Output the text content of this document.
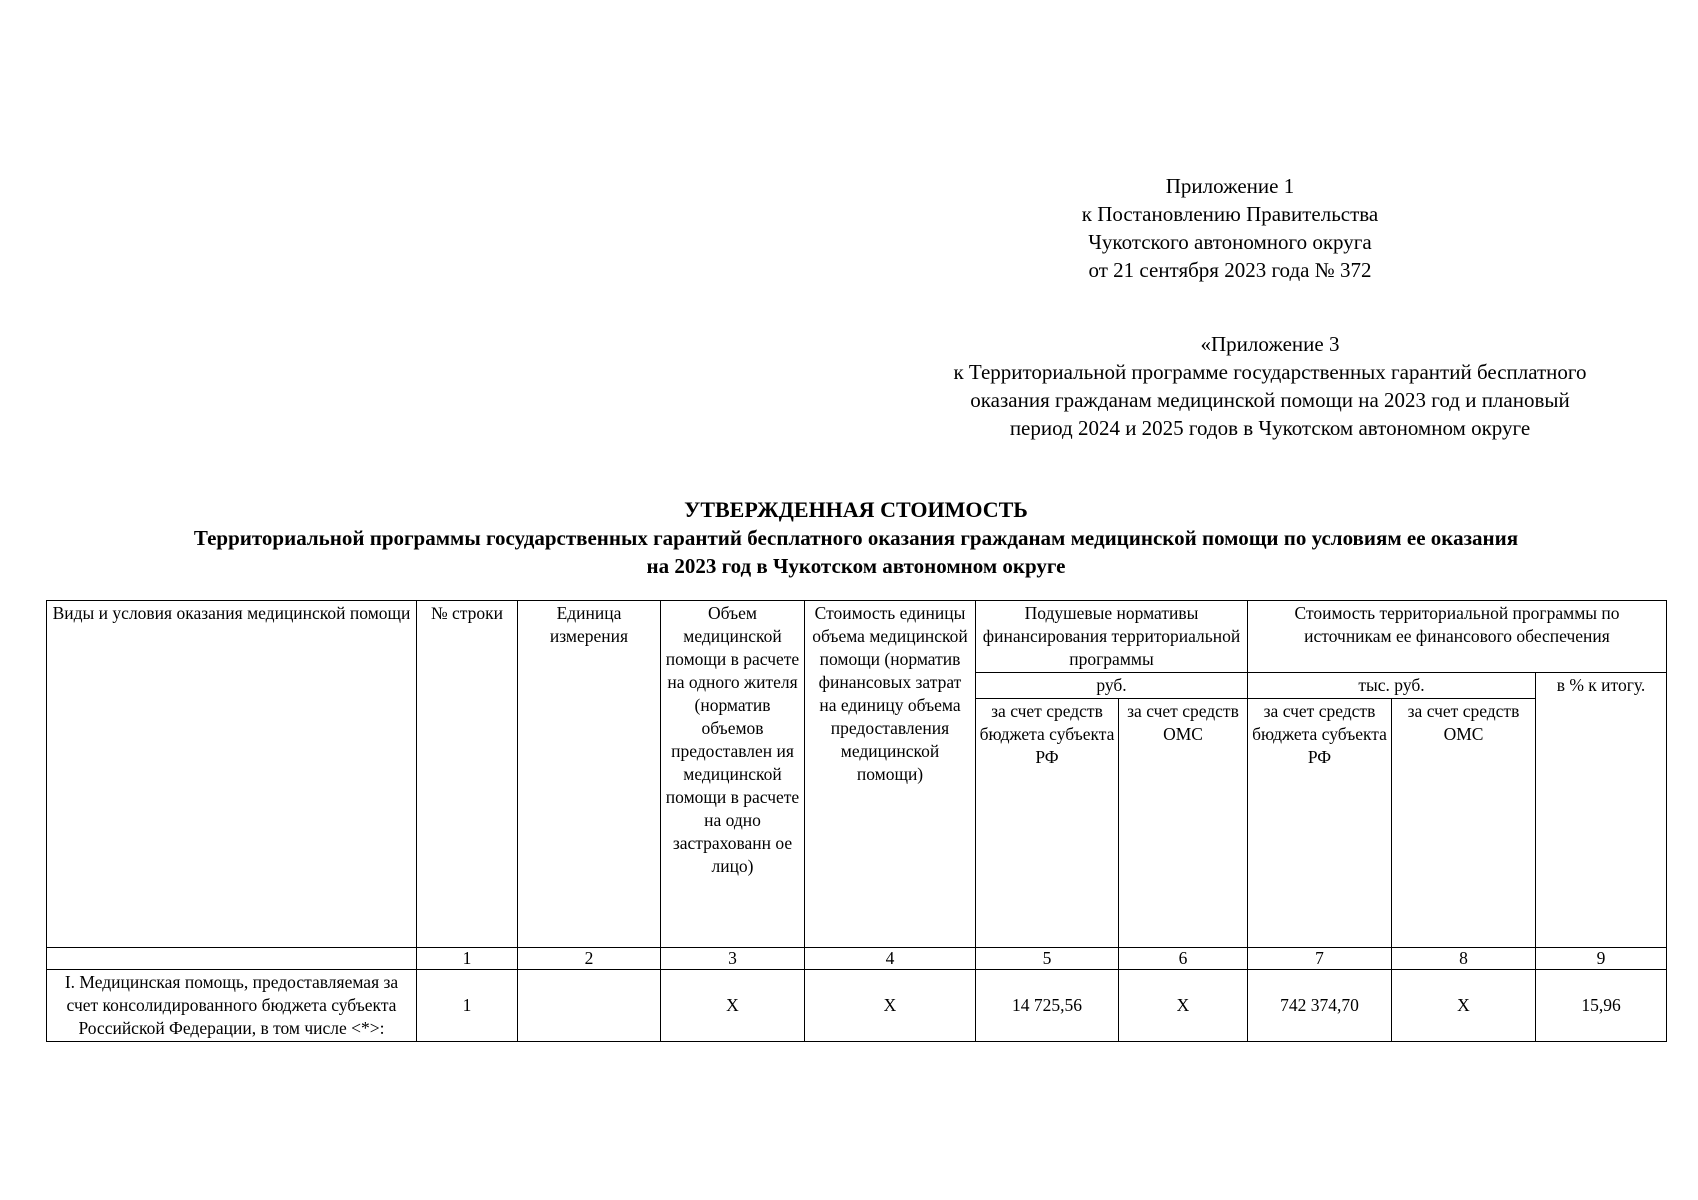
Приложение 1
к Постановлению Правительства
Чукотского автономного округа
от 21 сентября 2023 года № 372
«Приложение 3
к Территориальной программе государственных гарантий бесплатного
оказания гражданам медицинской помощи на 2023 год и плановый
период 2024 и 2025 годов в Чукотском автономном округе
УТВЕРЖДЕННАЯ СТОИМОСТЬ
Территориальной программы государственных гарантий бесплатного оказания гражданам медицинской помощи по условиям ее оказания
на 2023 год в Чукотском автономном округе
Виды и условия оказания медицинской помощи	№ строки	Единица измерения	Объем медицинской помощи в расчете на одного жителя (норматив объемов предоставлен ия медицинской помощи в расчете на одно застрахованн ое лицо)	Стоимость единицы объема медицинской помощи (норматив финансовых затрат на единицу объема предоставления медицинской помощи)	Подушевые нормативы финансирования территориальной программы		Стоимость территориальной программы по источникам ее финансового обеспечения		
					руб.		тыс. руб.		в % к итогу.
					за счет средств бюджета субъекта РФ	за счет средств ОМС	за счет средств бюджета субъекта РФ	за счет средств ОМС	
	1	2	3	4	5	6	7	8	9
I. Медицинская помощь, предоставляемая за счет консолидированного бюджета субъекта Российской Федерации, в том числе <*>:	1		X	X	14 725,56	X	742 374,70	X	15,96
